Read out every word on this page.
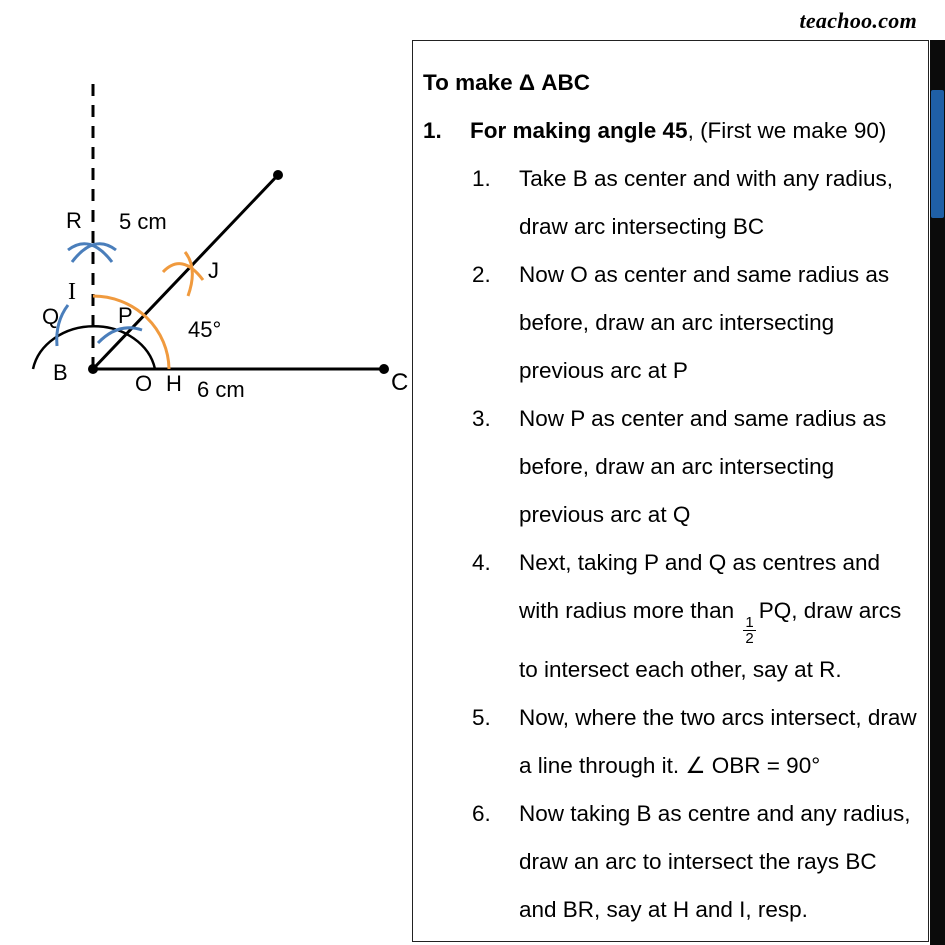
teachoo.com
R 5 cm
J
I
Q	P
45°
B	O H 6 cm	C
To make Δ ABC
1. For making angle 45, (First we make 90)
1. Take B as center and with any radius, draw arc intersecting BC
2. Now O as center and same radius as before, draw an arc intersecting previous arc at P
3. Now P as center and same radius as before, draw an arc intersecting previous arc at Q
4. Next, taking P and Q as centres and with radius more than
$\frac{1}{2}$
PQ, draw arcs to intersect each other, say at R.
5. Now, where the two arcs intersect, draw a line through it. ∠ OBR = 90°
6. Now taking B as centre and any radius, draw an arc to intersect the rays BC and BR, say at H and I, resp.
